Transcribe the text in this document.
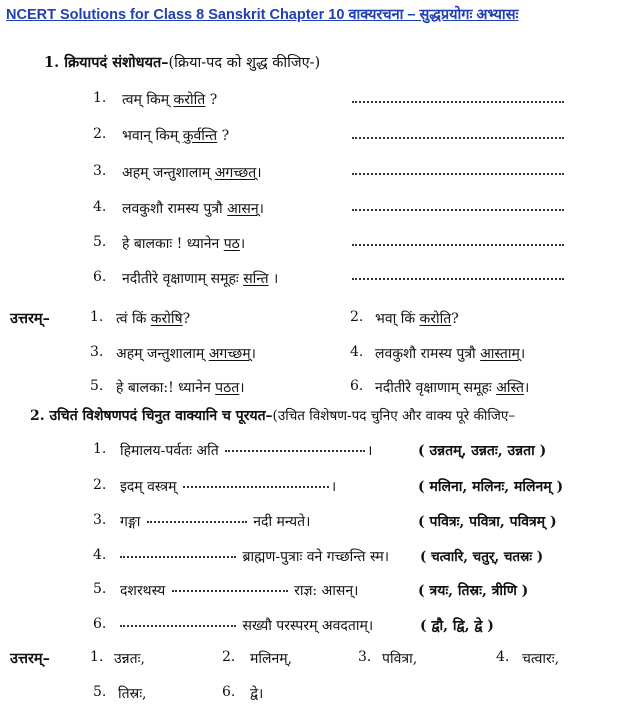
NCERT Solutions for Class 8 Sanskrit Chapter 10 वाक्यरचना – सुद्धप्रयोगः अभ्यासः
1. क्रियापदं संशोधयत–(क्रिया-पद को शुद्ध कीजिए-)
1. त्वम् किम् करोति ?
2. भवान् किम् कुर्वन्ति ?
3. अहम् जन्तुशालाम् अगच्छत्।
4. लवकुशौ रामस्य पुत्रौ आसन्।
5. हे बालकाः ! ध्यानेन पठ।
6. नदीतीरे वृक्षाणाम् समूहः सन्ति ।
उत्तरम्–	1. त्वं किं करोषि?	2. भवा् किं करोति?
3. अहम् जन्तुशालाम् अगच्छम्।	4. लवकुशौ रामस्य पुत्रौ आस्ताम्।
5. हे बालका:! ध्यानेन पठत।	6. नदीतीरे वृक्षाणाम् समूहः अस्ति।
2. उचितं विशेषणपदं चिनुत वाक्यानि च पूरयत–(उचित विशेषण-पद चुनिए और वाक्य पूरे कीजिए–
1. हिमालय-पर्वतः अति	।	( उन्नतम्, उन्नतः, उन्नता )
2. इदम् वस्त्रम्	।	( मलिना, मलिनः, मलिनम् )
3. गङ्गा	नदी मन्यते।	( पवित्रः, पवित्रा, पवित्रम् )
4.	ब्राह्मण-पुत्राः वने गच्छन्ति स्म। ( चत्वारि, चतुर्, चतस्रः )
5. दशरथस्य	राज्ञ: आसन्।	( त्रयः, तिस्रः, त्रीणि )
6.	सख्यौ परस्परम् अवदताम्।	( द्वौ, द्वि, द्वे )
उत्तरम्–	1. उन्नतः,	2. मलिनम्,	3. पवित्रा,	4. चत्वारः,
5. तिस्रः,	6. द्वे।
